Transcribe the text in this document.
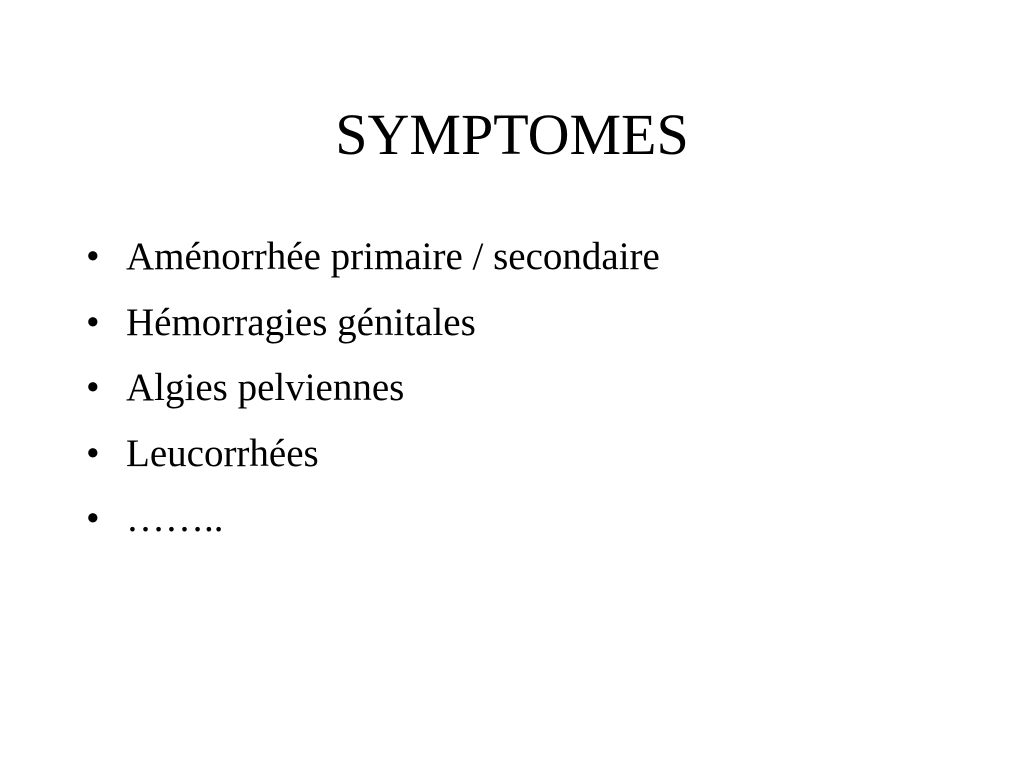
SYMPTOMES
• Aménorrhée primaire / secondaire
• Hémorragies génitales
• Algies pelviennes
• Leucorrhées
• ……..
